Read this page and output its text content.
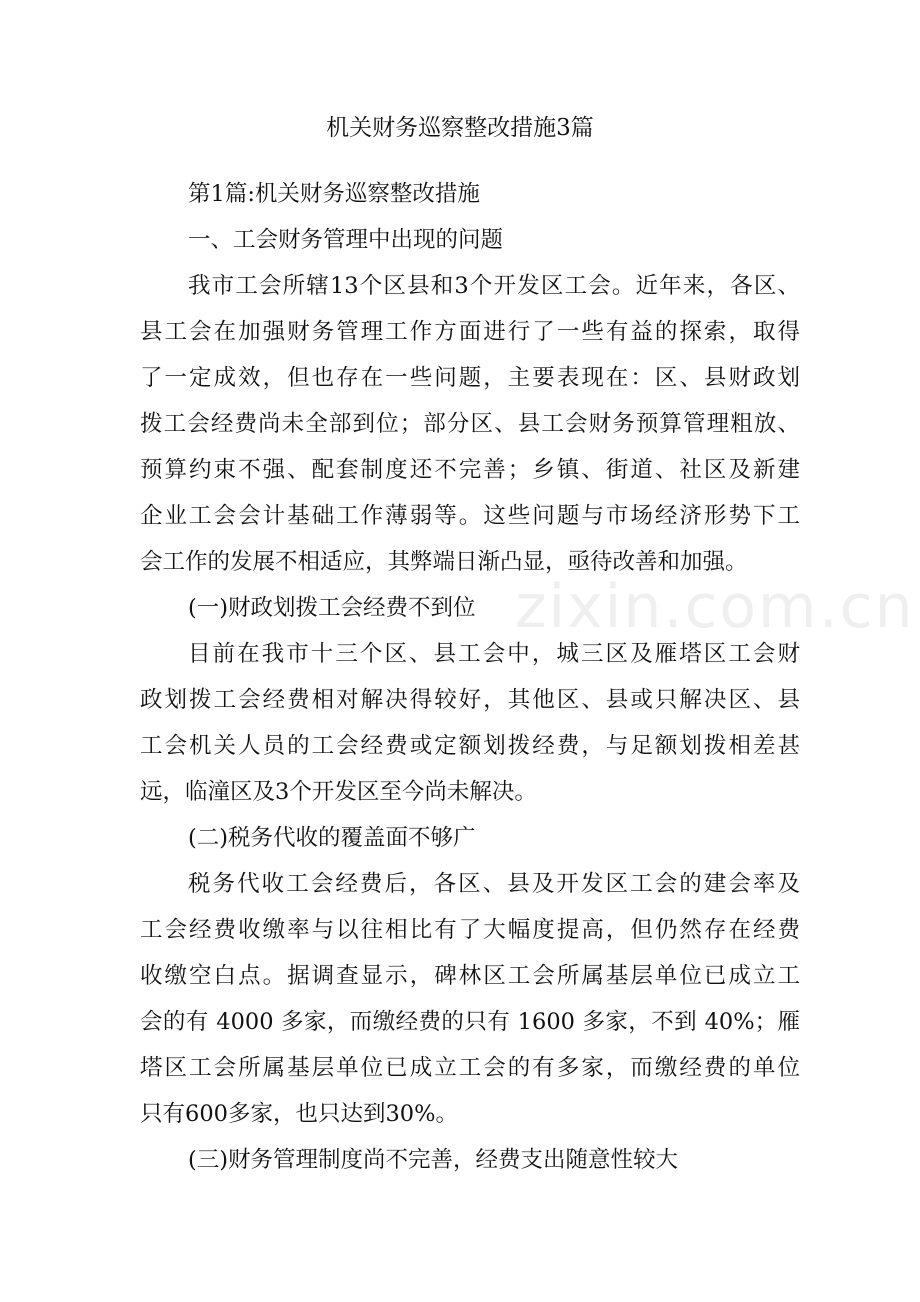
机关财务巡察整改措施3篇
第1篇:机关财务巡察整改措施
一、工会财务管理中出现的问题
我市工会所辖13个区县和3个开发区工会。近年来，各区、
县工会在加强财务管理工作方面进行了一些有益的探索，取得
了一定成效，但也存在一些问题，主要表现在：区、县财政划
拨工会经费尚未全部到位；部分区、县工会财务预算管理粗放、
预算约束不强、配套制度还不完善；乡镇、街道、社区及新建
企业工会会计基础工作薄弱等。这些问题与市场经济形势下工
会工作的发展不相适应，其弊端日渐凸显，亟待改善和加强。
(一)财政划拨工会经费不到位
目前在我市十三个区、县工会中，城三区及雁塔区工会财
政划拨工会经费相对解决得较好，其他区、县或只解决区、县
工会机关人员的工会经费或定额划拨经费，与足额划拨相差甚
远，临潼区及3个开发区至今尚未解决。
(二)税务代收的覆盖面不够广
税务代收工会经费后，各区、县及开发区工会的建会率及
工会经费收缴率与以往相比有了大幅度提高，但仍然存在经费
收缴空白点。据调查显示，碑林区工会所属基层单位已成立工
会的有 4000 多家，而缴经费的只有 1600 多家，不到 40%；雁
塔区工会所属基层单位已成立工会的有多家，而缴经费的单位
只有600多家，也只达到30%。
(三)财务管理制度尚不完善，经费支出随意性较大
zixin.com.cn
